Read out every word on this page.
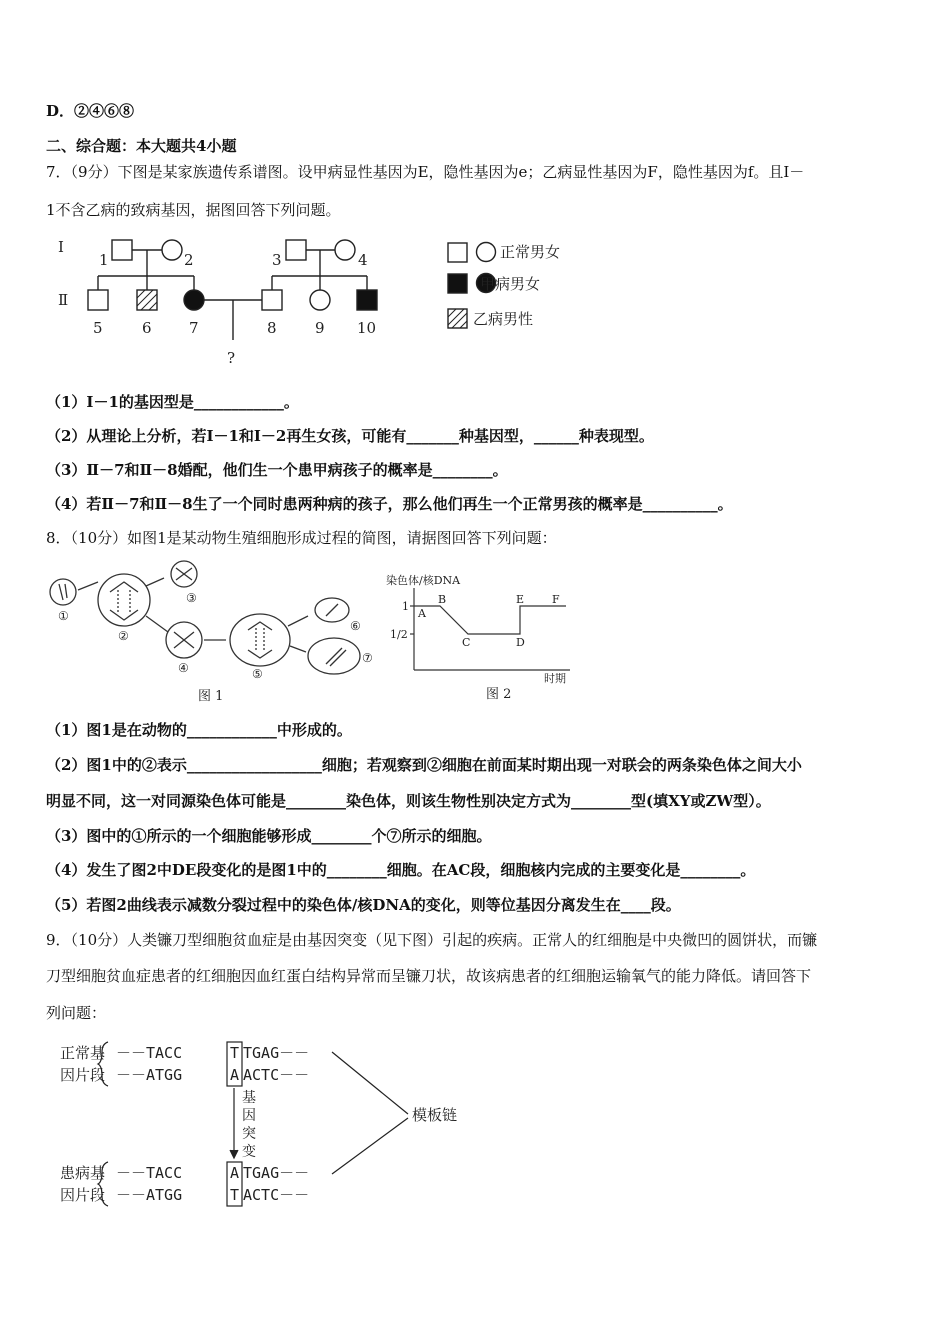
D．②④⑥⑧
二、综合题：本大题共4小题
7．（9分）下图是某家族遗传系谱图。设甲病显性基因为E，隐性基因为e；乙病显性基因为F，隐性基因为f。且Ⅰ－
1不含乙病的致病基因，据图回答下列问题。
Ⅰ
Ⅱ
1	2	3	4
5	6 7	8	9 10
?
正常男女
甲病男女
乙病男性
（1）Ⅰ－1的基因型是____________。
（2）从理论上分析，若Ⅰ－1和Ⅰ－2再生女孩，可能有_______种基因型，______种表现型。
（3）Ⅱ－7和Ⅱ－8婚配，他们生一个患甲病孩子的概率是________。
（4）若Ⅱ－7和Ⅱ－8生了一个同时患两种病的孩子，那么他们再生一个正常男孩的概率是__________。
8．（10分）如图1是某动物生殖细胞形成过程的简图，请据图回答下列问题：
①
②
③
④	⑤
⑥
⑦
图 1
染色体/核DNA
1
1/2
时期
A
B
C	D
E	F
图 2
（1）图1是在动物的____________中形成的。
（2）图1中的②表示__________________细胞；若观察到②细胞在前面某时期出现一对联会的两条染色体之间大小
明显不同，这一对同源染色体可能是________染色体，则该生物性别决定方式为________型(填XY或ZW型）。
（3）图中的①所示的一个细胞能够形成________个⑦所示的细胞。
（4）发生了图2中DE段变化的是图1中的________细胞。在AC段，细胞核内完成的主要变化是________。
（5）若图2曲线表示减数分裂过程中的染色体/核DNA的变化，则等位基因分离发生在____段。
9．（10分）人类镰刀型细胞贫血症是由基因突变（见下图）引起的疾病。正常人的红细胞是中央微凹的圆饼状，而镰
刀型细胞贫血症患者的红细胞因血红蛋白结构异常而呈镰刀状，故该病患者的红细胞运输氧气的能力降低。请回答下
列问题：
正常基
因片段
－－TACC	T TGAG－－
－－ATGG	A ACTC－－
患病基
因片段
－－TACC	A TGAG－－
－－ATGG	T ACTC－－
基
因
突
变
模板链
